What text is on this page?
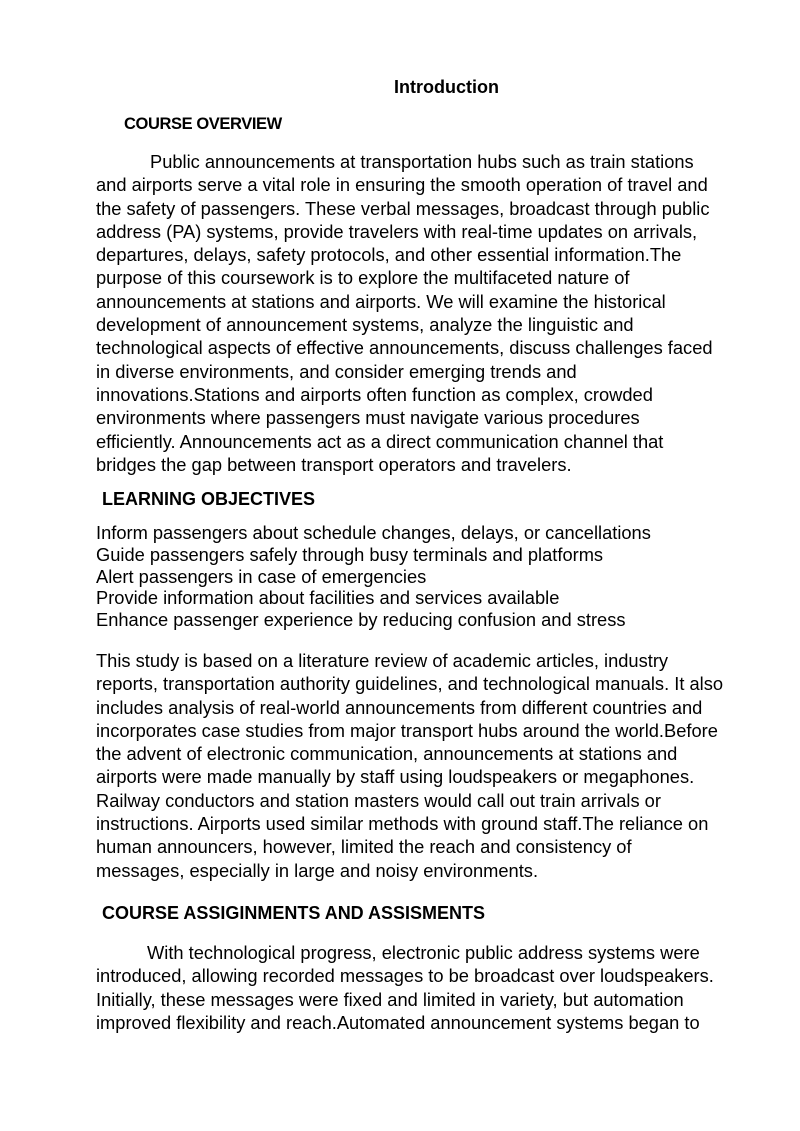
Introduction
COURSE OVERVIEW
Public announcements at transportation hubs such as train stations
and airports serve a vital role in ensuring the smooth operation of travel and
the safety of passengers. These verbal messages, broadcast through public
address (PA) systems, provide travelers with real-time updates on arrivals,
departures, delays, safety protocols, and other essential information.The
purpose of this coursework is to explore the multifaceted nature of
announcements at stations and airports. We will examine the historical
development of announcement systems, analyze the linguistic and
technological aspects of effective announcements, discuss challenges faced
in diverse environments, and consider emerging trends and
innovations.Stations and airports often function as complex, crowded
environments where passengers must navigate various procedures
efficiently. Announcements act as a direct communication channel that
bridges the gap between transport operators and travelers.
LEARNING OBJECTIVES
Inform passengers about schedule changes, delays, or cancellations
Guide passengers safely through busy terminals and platforms
Alert passengers in case of emergencies
Provide information about facilities and services available
Enhance passenger experience by reducing confusion and stress
This study is based on a literature review of academic articles, industry
reports, transportation authority guidelines, and technological manuals. It also
includes analysis of real-world announcements from different countries and
incorporates case studies from major transport hubs around the world.Before
the advent of electronic communication, announcements at stations and
airports were made manually by staff using loudspeakers or megaphones.
Railway conductors and station masters would call out train arrivals or
instructions. Airports used similar methods with ground staff.The reliance on
human announcers, however, limited the reach and consistency of
messages, especially in large and noisy environments.
COURSE ASSIGINMENTS AND ASSISMENTS
With technological progress, electronic public address systems were
introduced, allowing recorded messages to be broadcast over loudspeakers.
Initially, these messages were fixed and limited in variety, but automation
improved flexibility and reach.Automated announcement systems began to
